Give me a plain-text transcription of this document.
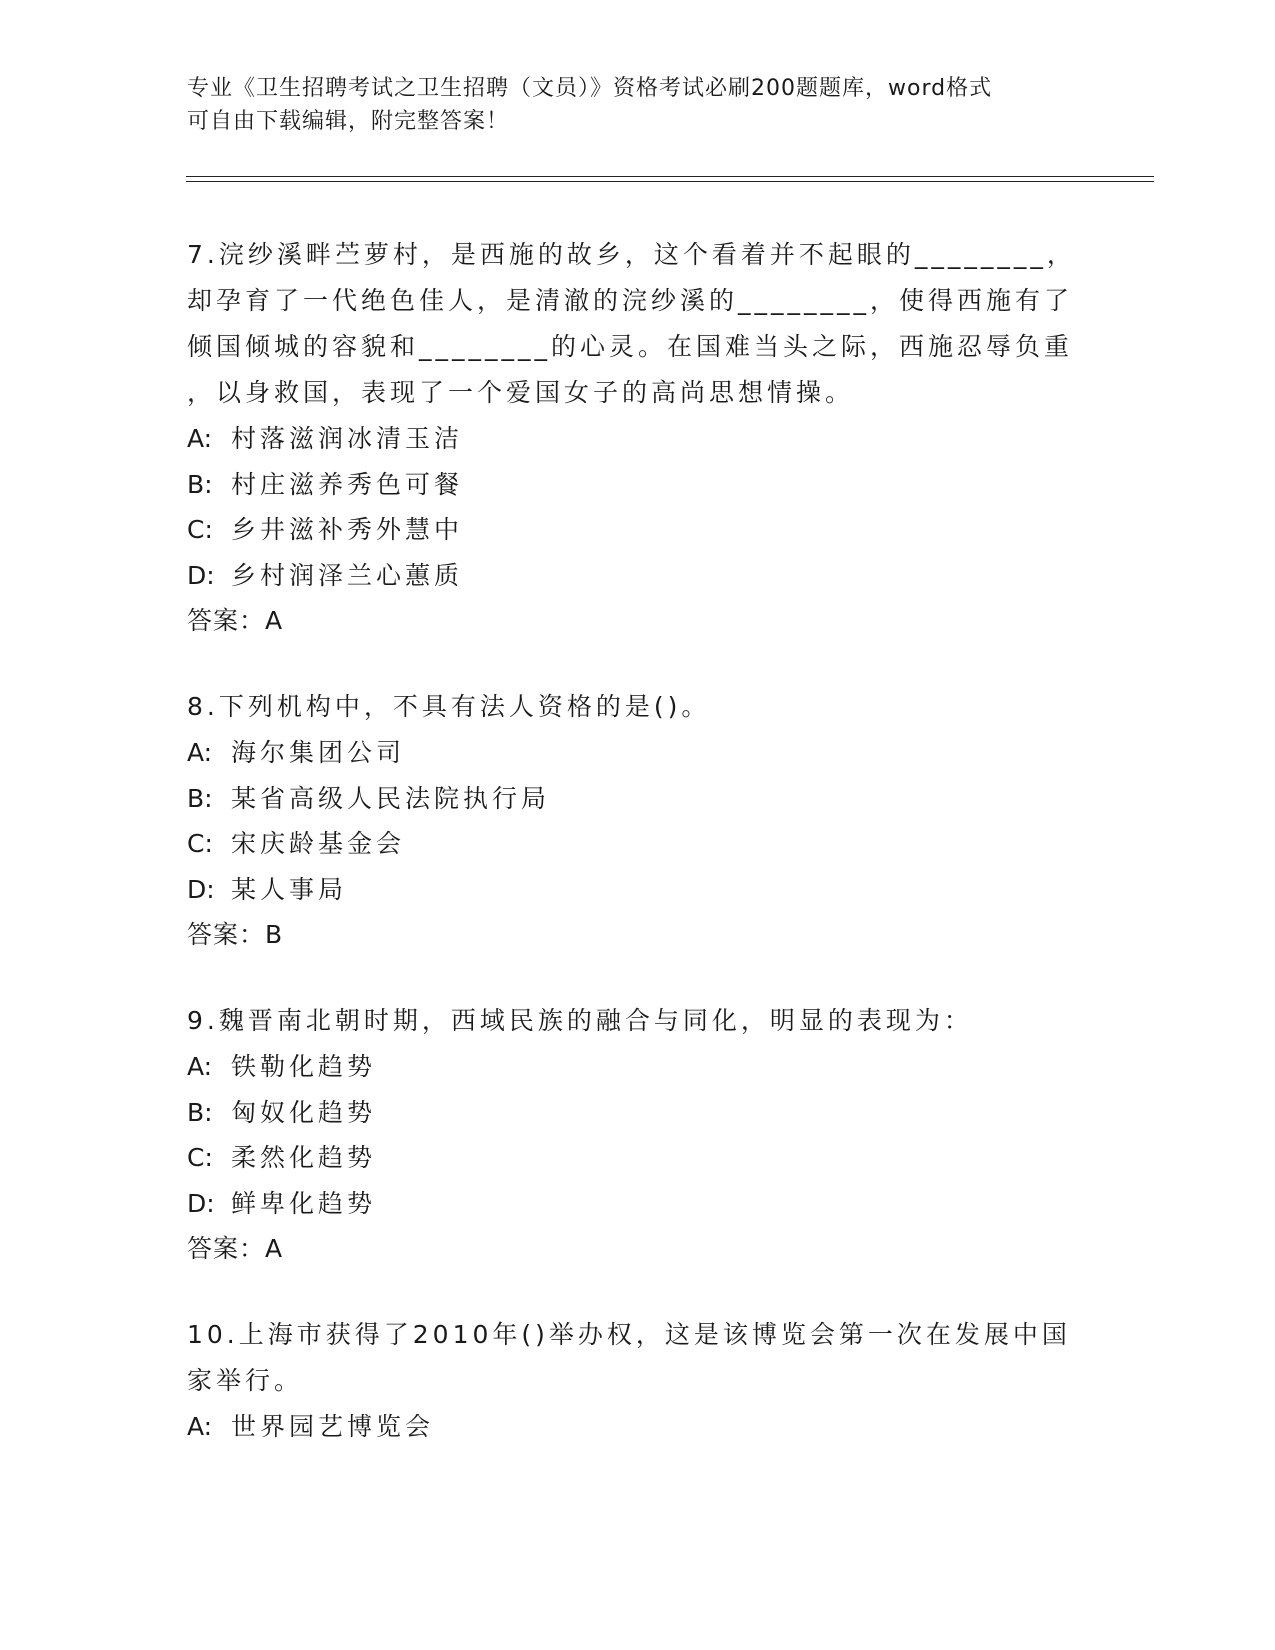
专业《卫生招聘考试之卫生招聘（文员）》资格考试必刷200题题库，word格式
可自由下载编辑，附完整答案！

7.浣纱溪畔苎萝村，是西施的故乡，这个看着并不起眼的________，

却孕育了一代绝色佳人，是清澈的浣纱溪的________，使得西施有了

倾国倾城的容貌和________的心灵。在国难当头之际，西施忍辱负重

，以身救国，表现了一个爱国女子的高尚思想情操。

A: 村落滋润冰清玉洁

B: 村庄滋养秀色可餐

C: 乡井滋补秀外慧中

D: 乡村润泽兰心蕙质

答案：A

8.下列机构中，不具有法人资格的是()。

A: 海尔集团公司

B: 某省高级人民法院执行局

C: 宋庆龄基金会

D: 某人事局

答案：B

9.魏晋南北朝时期，西域民族的融合与同化，明显的表现为：

A: 铁勒化趋势

B: 匈奴化趋势

C: 柔然化趋势

D: 鲜卑化趋势

答案：A

10.上海市获得了2010年()举办权，这是该博览会第一次在发展中国

家举行。

A: 世界园艺博览会
